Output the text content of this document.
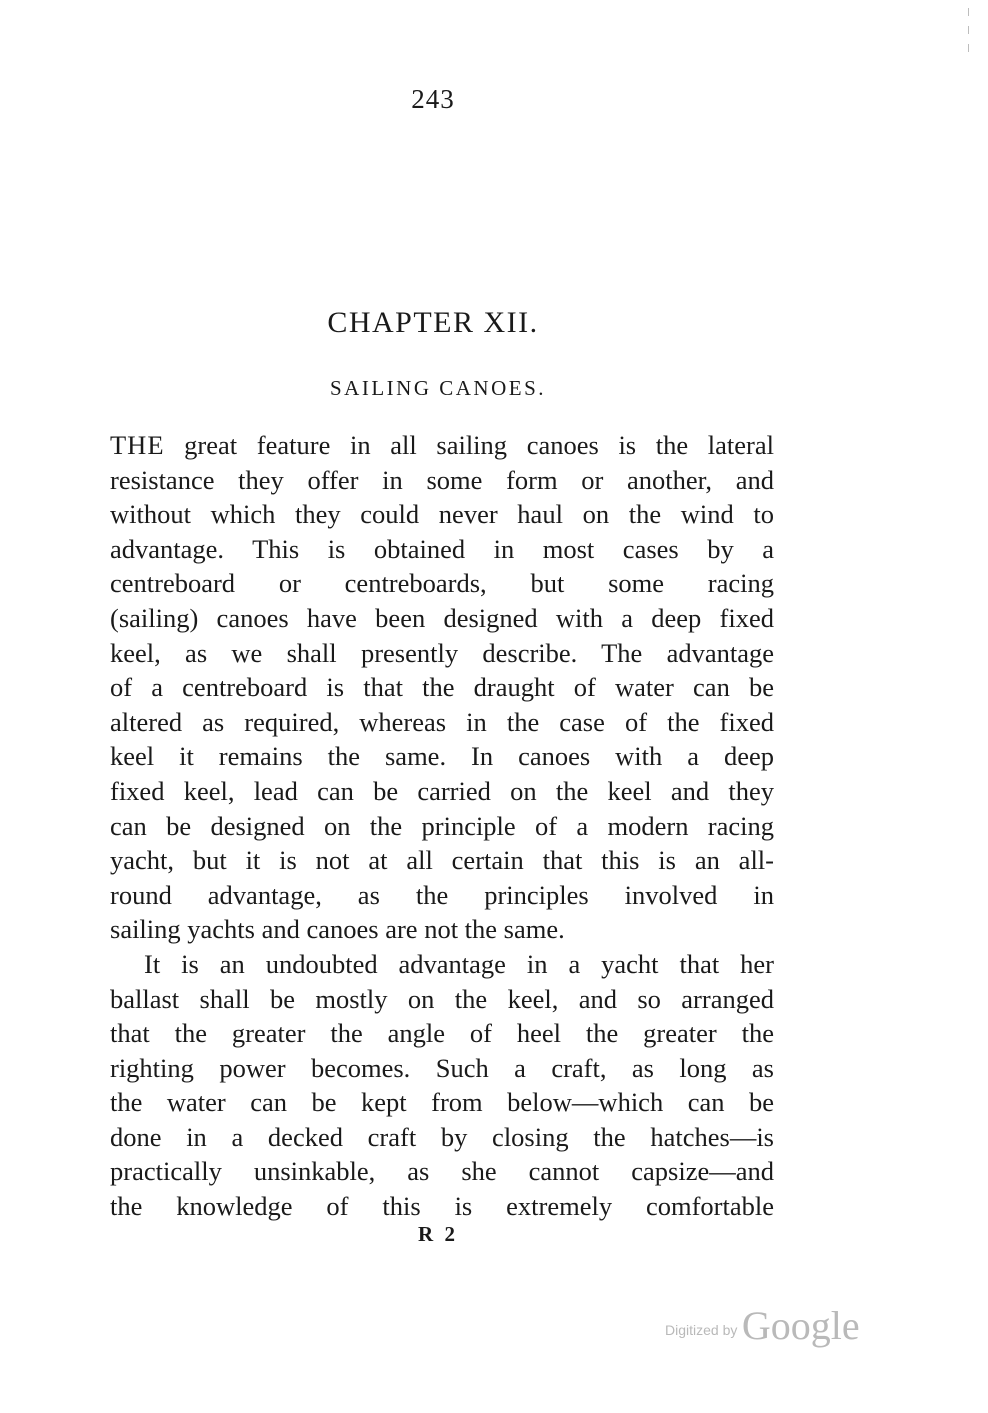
243
CHAPTER XII.
SAILING CANOES.
THE great feature in all sailing canoes is the lateral
resistance they offer in some form or another, and
without which they could never haul on the wind to
advantage. This is obtained in most cases by a
centreboard or centreboards, but some racing
(sailing) canoes have been designed with a deep fixed
keel, as we shall presently describe. The advantage
of a centreboard is that the draught of water can be
altered as required, whereas in the case of the fixed
keel it remains the same. In canoes with a deep
fixed keel, lead can be carried on the keel and they
can be designed on the principle of a modern racing
yacht, but it is not at all certain that this is an all-
round advantage, as the principles involved in
sailing yachts and canoes are not the same.
It is an undoubted advantage in a yacht that her
ballast shall be mostly on the keel, and so arranged
that the greater the angle of heel the greater the
righting power becomes. Such a craft, as long as
the water can be kept from below—which can be
done in a decked craft by closing the hatches—is
practically unsinkable, as she cannot capsize—and
the knowledge of this is extremely comfortable
R 2
Digitized by Google
